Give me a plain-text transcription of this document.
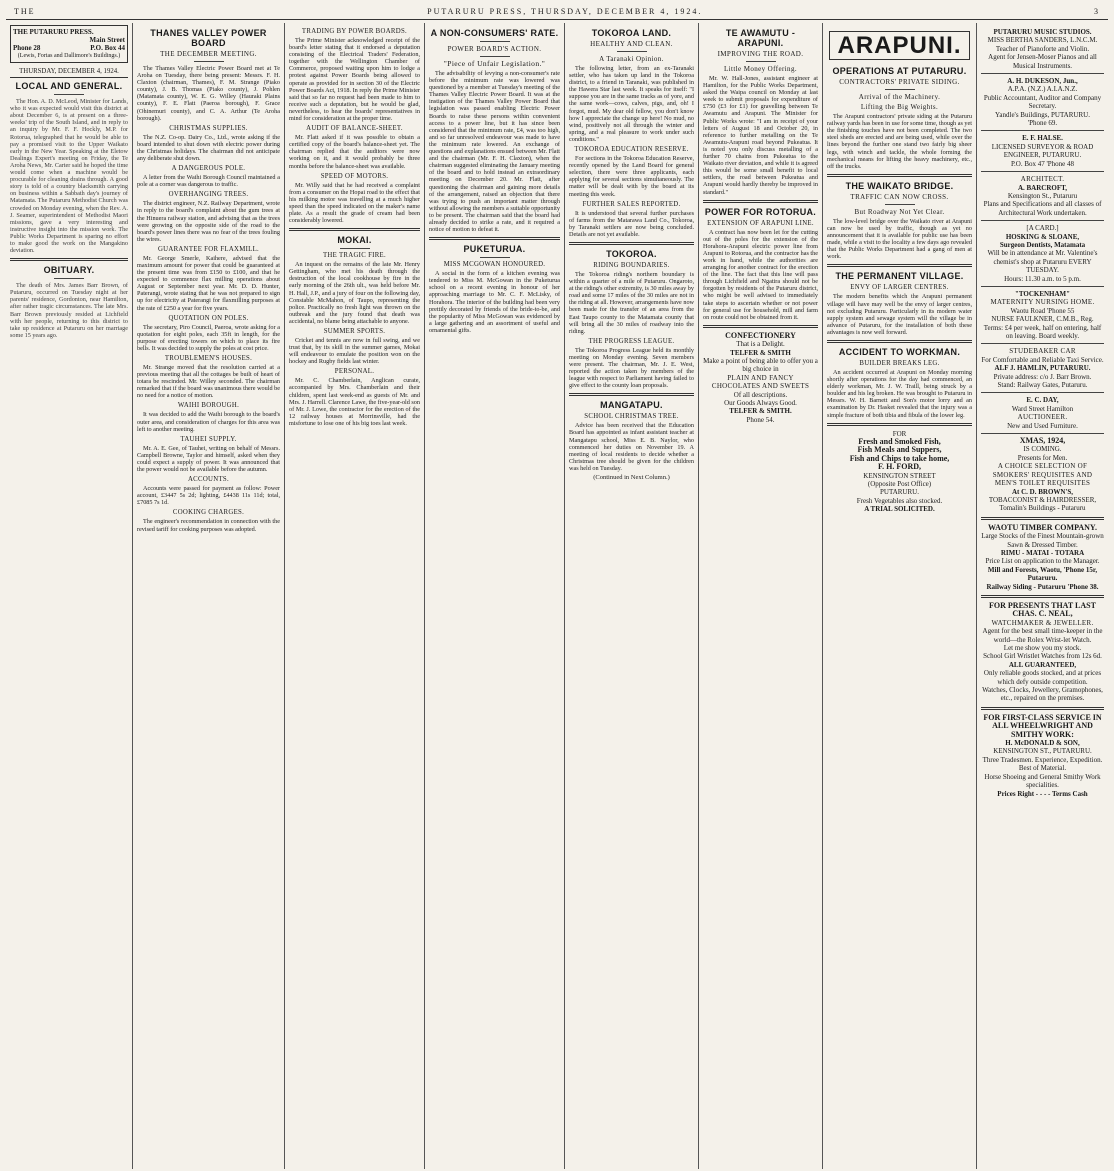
THE	PUTARURU PRESS, THURSDAY, DECEMBER 4, 1924.	3
THE PUTARURU PRESS.
Main Street
Phone 28	P.O. Box 44
(Lewis, Fortas and Dallimore's Buildings.)
THURSDAY, DECEMBER 4, 1924.
LOCAL AND GENERAL.

The Hon. A. D. McLeod, Minister for Lands, who it was expected would visit this district at about December 6, is at present on a three-weeks' trip of the South Island, and in reply to an inquiry by Mr. F. F. Hockly, M.P. for Rotorua, telegraphed that he would be able to pay a promised visit to the Upper Waikato early in the New Year. Speaking at the Eletow Dealings Expert's meeting on Friday, the Te Aroha News, Mr. Carter said he hoped the time would come when a machine would be procurable for cleaning drains through. A good story is told of a country blacksmith carrying on business within a Sabbath day's journey of Matamata. The Putaruru Methodist Church was crowded on Monday evening, when the Rev. A. J. Seamer, superintendent of Methodist Maori missions, gave a very interesting and instructive insight into the mission work. The Public Works Department is sparing no effort to make good the work on the Mangakino deviation.

OBITUARY.

The death of Mrs. James Barr Brown, of Putaruru, occurred on Tuesday night at her parents' residence, Gordonton, near Hamilton, after rather tragic circumstances. The late Mrs. Barr Brown previously resided at Lichfield with her people, returning to this district to take up residence at Putaruru on her marriage some 15 years ago.

THANES VALLEY POWER BOARD
THE DECEMBER MEETING.

The Thames Valley Electric Power Board met at Te Aroha on Tuesday, there being present: Messrs. F. H. Claxton (chairman, Thames), F. M. Strange (Piako county), J. B. Thomas (Piako county), J. Pohlen (Matamata county), W. E. G. Willey (Hauraki Plains county), F. E. Flatt (Paeroa borough), F. Grace (Ohinemuri county), and C. A. Arthur (Te Aroha borough).

CHRISTMAS SUPPLIES.

The N.Z. Co-op. Dairy Co., Ltd., wrote asking if the board intended to shut down with electric power during the Christmas holidays. The chairman did not anticipate any deliberate shut down.

A DANGEROUS POLE.

A letter from the Waihi Borough Council maintained a pole at a corner was dangerous to traffic.

OVERHANGING TREES.

The district engineer, N.Z. Railway Department, wrote in reply to the board's complaint about the gum trees at the Hinuera railway station, and advising that as the trees were growing on the opposite side of the road to the board's power lines there was no fear of the trees fouling the wires.

GUARANTEE FOR FLAXMILL.

Mr. George Smerle, Kaihere, advised that the maximum amount for power that could be guaranteed at the present time was from £150 to £100, and that he expected to commence flax milling operations about August or September next year. Mr. D. D. Hunter, Paterangi, wrote stating that he was not prepared to sign up for electricity at Paterangi for flaxmilling purposes at the rate of £250 a year for five years.

QUOTATION ON POLES.

The secretary, Piro Council, Paeroa, wrote asking for a quotation for eight poles, each 35ft in length, for the purpose of erecting towers on which to place its fire bells. It was decided to supply the poles at cost price.

TROUBLEMEN'S HOUSES.

Mr. Strange moved that the resolution carried at a previous meeting that all the cottages be built of heart of totara be rescinded. Mr. Willey seconded. The chairman remarked that if the board was unanimous there would be no need for a notice of motion.

WAIHI BOROUGH.

It was decided to add the Waihi borough to the board's outer area, and consideration of charges for this area was left to another meeting.

TAUHEI SUPPLY.

Mr. A. E. Gee, of Tauhei, writing on behalf of Messrs. Campbell Browne, Taylor and himself, asked when they could expect a supply of power. It was announced that the power would not be available before the autumn.

ACCOUNTS.

Accounts were passed for payment as follow: Power account, £3447 5s 2d; lighting, £4438 11s 11d; total, £7085 7s 1d.

COOKING CHARGES.

The engineer's recommendation in connection with the revised tariff for cooking purposes was adopted.

TRADING BY POWER BOARDS.

The Prime Minister acknowledged receipt of the board's letter stating that it endorsed a deputation consisting of the Electrical Traders' Federation, together with the Wellington Chamber of Commerce, proposed waiting upon him to lodge a protest against Power Boards being allowed to operate as provided for in section 30 of the Electric Power Boards Act, 1918. In reply the Prime Minister said that so far no request had been made to him to receive such a deputation, but he would be glad, nevertheless, to hear the boards' representatives in mind for consideration at the proper time.

AUDIT OF BALANCE-SHEET.

Mr. Flatt asked if it was possible to obtain a certified copy of the board's balance-sheet yet. The chairman replied that the auditors were now working on it, and it would probably be three months before the balance-sheet was available.

SPEED OF MOTORS.

Mr. Willy said that he had received a complaint from a consumer on the Hopai road to the effect that his milking motor was travelling at a much higher speed than the speed indicated on the maker's name plate. As a result the grade of cream had been considerably lowered.

MOKAI.
THE TRAGIC FIRE.

An inquest on the remains of the late Mr. Henry Gettingham, who met his death through the destruction of the local cookhouse by fire in the early morning of the 26th ult., was held before Mr. H. Hall, J.P., and a jury of four on the following day, Constable McMahon, of Taupo, representing the police. Practically no fresh light was thrown on the outbreak and the jury found that death was accidental, no blame being attachable to anyone.

SUMMER SPORTS.

Cricket and tennis are now in full swing, and we trust that, by its skill in the summer games, Mokai will endeavour to emulate the position won on the hockey and Rugby fields last winter.

PERSONAL.

Mr. C. Chamberlain, Anglican curate, accompanied by Mrs. Chamberlain and their children, spent last week-end as guests of Mr. and Mrs. J. Harrell. Clarence Lawe, the five-year-old son of Mr. J. Lowe, the contractor for the erection of the 12 railway houses at Morrinsville, had the misfortune to lose one of his big toes last week.

A NON-CONSUMERS' RATE.
POWER BOARD'S ACTION.
"Piece of Unfair Legislation."

The advisability of levying a non-consumer's rate before the minimum rate was lowered was questioned by a member at Tuesday's meeting of the Thames Valley Electric Power Board. It was at the instigation of the Thames Valley Power Board that legislation was passed enabling Electric Power Boards to raise these persons within convenient access to a power line, but it has since been considered that the minimum rate, £4, was too high, and so far unresolved endeavour was made to have the minimum rate lowered. An exchange of questions and explanations ensued between Mr. Flatt and the chairman (Mr. F. H. Claxton), when the chairman suggested eliminating the January meeting of the board and to hold instead an extraordinary meeting on December 20. Mr. Flatt, after questioning the chairman and gaining more details of the arrangement, raised an objection that there was trying to push an important matter through without allowing the members a suitable opportunity to be present. The chairman said that the board had already decided to strike a rate, and it required a notice of motion to defeat it.

PUKETURUA.
MISS MCGOWAN HONOURED.

A social in the form of a kitchen evening was tendered to Miss M. McGowan in the Puketurua school on a recent evening in honour of her approaching marriage to Mr. C. F. McLisky, of Horahora. The interior of the building had been very prettily decorated by friends of the bride-to-be, and the popularity of Miss McGowan was evidenced by a large gathering and an assortment of useful and ornamental gifts.

TOKOROA LAND.
HEALTHY AND CLEAN.
A Taranaki Opinion.

The following letter, from an ex-Taranaki settler, who has taken up land in the Tokoroa district, to a friend in Taranaki, was published in the Hawera Star last week. It speaks for itself: "I suppose you are in the same tracks as of yore, and the same work—cows, calves, pigs, and, oh! I forgot, mud. My dear old fellow, you don't know how I appreciate the change up here! No mud, no wind, positively not all through the winter and spring, and a real pleasure to work under such conditions."

TOKOROA EDUCATION RESERVE.

For sections in the Tokoroa Education Reserve, recently opened by the Land Board for general selection, there were three applicants, each applying for several sections simultaneously. The matter will be dealt with by the board at its meeting this week.

FURTHER SALES REPORTED.

It is understood that several further purchases of farms from the Matarawa Land Co., Tokoroa, by Taranaki settlers are now being concluded. Details are not yet available.

TOKOROA.
RIDING BOUNDARIES.

The Tokoroa riding's northern boundary is within a quarter of a mile of Putaruru. Ongaroto, at the riding's other extremity, is 30 miles away by road and some 17 miles of the 30 miles are not in the riding at all. However, arrangements have now been made for the transfer of an area from the East Taupo county to the Matamata county that will bring all the 30 miles of roadway into the riding.

THE PROGRESS LEAGUE.

The Tokoroa Progress League held its monthly meeting on Monday evening. Seven members were present. The chairman, Mr. J. E. West, reported the action taken by members of the league with respect to Parliament having failed to give effect to the county loan proposals.

MANGATAPU.
SCHOOL CHRISTMAS TREE.

Advice has been received that the Education Board has appointed as infant assistant teacher at Mangatapu school, Miss E. B. Naylor, who commenced her duties on November 19. A meeting of local residents to decide whether a Christmas tree should be given for the children was held on Tuesday.

(Continued in Next Column.)
TE AWAMUTU - ARAPUNI.
IMPROVING THE ROAD.
Little Money Offering.

Mr. W. Hall-Jones, assistant engineer at Hamilton, for the Public Works Department, asked the Waipa council on Monday at last week to submit proposals for expenditure of £750 (£3 for £1) for gravelling between Te Awamutu and Arapuni. The Minister for Public Works wrote: "I am in receipt of your letters of August 18 and October 20, in reference to further metalling on the Te Awamutu-Arapuni road beyond Pukeatua. It is noted you only discuss metalling of a further 70 chains from Pukeatua to the Waikato river deviation, and while it is agreed this would be some small benefit to local settlers, the road between Pukeatua and Arapuni would hardly thereby be improved in standard."

POWER FOR ROTORUA.
EXTENSION OF ARAPUNI LINE.

A contract has now been let for the cutting out of the poles for the extension of the Horahora-Arapuni electric power line from Arapuni to Rotorua, and the contractor has the work in hand, while the authorities are arranging for another contract for the erection of the line. The fact that this line will pass through Lichfield and Ngatira should not be forgotten by residents of the Putaruru district, who might be well advised to immediately take steps to ascertain whether or not power for general use for household, mill and farm on route could not be obtained from it.

CONFECTIONERY
That is a Delight.
TELFER & SMITH
Make a point of being able to offer you a big choice in
PLAIN AND FANCY CHOCOLATES AND SWEETS
Of all descriptions.
Our Goods Always Good.
TELFER & SMITH.
Phone 54.
ARAPUNI.
OPERATIONS AT PUTARURU.
CONTRACTORS' PRIVATE SIDING.
Arrival of the Machinery.
Lifting the Big Weights.

The Arapuni contractors' private siding at the Putaruru railway yards has been in use for some time, though as yet the finishing touches have not been completed. The two steel sheds are erected and are being used, while over the lines beyond the further one stand two fairly big sheer legs, with winch and tackle, the whole forming the mechanical means for lifting the heavy machinery, etc., off the trucks.

THE WAIKATO BRIDGE.
TRAFFIC CAN NOW CROSS.
But Roadway Not Yet Clear.

The low-level bridge over the Waikato river at Arapuni can now be used by traffic, though as yet no announcement that it is available for public use has been made, while a visit to the locality a few days ago revealed that the Public Works Department had a gang of men at work.

THE PERMANENT VILLAGE.
ENVY OF LARGER CENTRES.

The modern benefits which the Arapuni permanent village will have may well be the envy of larger centres, not excluding Putaruru. Particularly in its modern water supply system and sewage system will the village be in advance of Putaruru, for the installation of both these advantages is now well forward.

ACCIDENT TO WORKMAN.
BUILDER BREAKS LEG.

An accident occurred at Arapuni on Monday morning shortly after operations for the day had commenced, an elderly workman, Mr. J. W. Traill, being struck by a boulder and his leg broken. He was brought to Putaruru in Messrs. W. H. Barnett and Son's motor lorry and an examination by Dr. Hasket revealed that the injury was a simple fracture of both tibia and fibula of the lower leg.

FOR
Fresh and Smoked Fish,
Fish Meals and Suppers,
Fish and Chips to take home,
F. H. FORD,
KENSINGTON STREET
(Opposite Post Office)
PUTARURU.
Fresh Vegetables also stocked.
A TRIAL SOLICITED.
PUTARURU MUSIC STUDIOS.
MISS BERTHA SANDERS, L.N.C.M.
Teacher of Pianoforte and Violin.
Agent for Jensen-Moser Pianos and all Musical Instruments.
A. H. DUKESON, Jun.,
A.P.A. (N.Z.) A.I.A.N.Z.
Public Accountant, Auditor and Company Secretary.
Yandle's Buildings, PUTARURU.
'Phone 69.
E. F. HALSE.
LICENSED SURVEYOR & ROAD ENGINEER, PUTARURU.
P.O. Box 47 'Phone 48
ARCHITECT.
A. BARCROFT,
Kensington St., Putaruru
Plans and Specifications and all classes of Architectural Work undertaken.
[A CARD.]
HOSKING & SLOANE,
Surgeon Dentists, Matamata
Will be in attendance at Mr. Valentine's chemist's shop at Putaruru EVERY TUESDAY.
Hours: 11.30 a.m. to 5 p.m.
"TOCKENHAM"
MATERNITY NURSING HOME.
Waotu Road 'Phone 55
NURSE FAULKNER, C.M.B., Reg.
Terms: £4 per week, half on entering, half on leaving. Board weekly.
STUDEBAKER CAR
For Comfortable and Reliable Taxi Service.
ALF J. HAMLIN, PUTARURU.
Private address: c/o J. Barr Brown.
Stand: Railway Gates, Putaruru.
E. C. DAY,
Ward Street Hamilton
AUCTIONEER.
New and Used Furniture.
XMAS, 1924,
IS COMING.
Presents for Men.
A CHOICE SELECTION OF SMOKERS' REQUISITES AND MEN'S TOILET REQUISITES
At C. D. BROWN'S,
TOBACCONIST & HAIRDRESSER, Tomalin's Buildings - Putaruru
WAOTU TIMBER COMPANY.
Large Stocks of the Finest Mountain-grown Sawn & Dressed Timber.
RIMU - MATAI - TOTARA
Price List on application to the Manager.
Mill and Forests, Waotu, 'Phone 15r, Putaruru.
Railway Siding - Putaruru 'Phone 38.
FOR PRESENTS THAT LAST CHAS. C. NEAL,
WATCHMAKER & JEWELLER.
Agent for the best small time-keeper in the world—the Rolex Wrist-let Watch.
Let me show you my stock.
School Girl Wristlet Watches from 12s 6d.
ALL GUARANTEED,
Only reliable goods stocked, and at prices which defy outside competition.
Watches, Clocks, Jewellery, Gramophones, etc., repaired on the premises.
FOR FIRST-CLASS SERVICE IN ALL WHEELWRIGHT AND SMITHY WORK:
H. McDONALD & SON,
KENSINGTON ST., PUTARURU.
Three Tradesmen. Experience, Expedition. Best of Material.
Horse Shoeing and General Smithy Work specialities.
Prices Right - - - - Terms Cash
